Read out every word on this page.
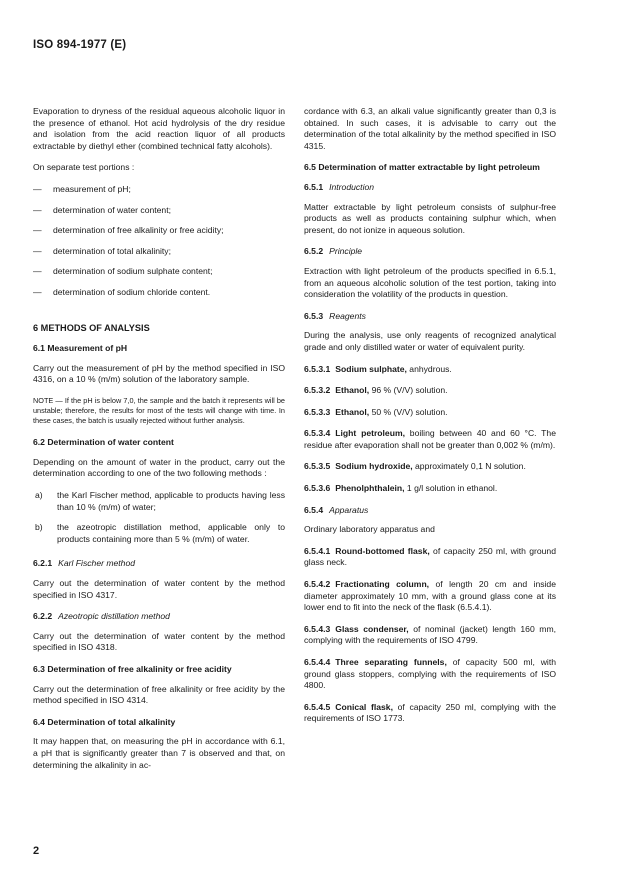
ISO 894-1977 (E)

Evaporation to dryness of the residual aqueous alcoholic liquor in the presence of ethanol. Hot acid hydrolysis of the dry residue and isolation from the acid reaction liquor of all products extractable by diethyl ether (combined technical fatty alcohols).

On separate test portions :

—	measurement of pH;
—	determination of water content;
—	determination of free alkalinity or free acidity;
—	determination of total alkalinity;
—	determination of sodium sulphate content;
—	determination of sodium chloride content.
6 METHODS OF ANALYSIS
6.1 Measurement of pH

Carry out the measurement of pH by the method specified in ISO 4316, on a 10 % (m/m) solution of the laboratory sample.

NOTE — If the pH is below 7,0, the sample and the batch it represents will be unstable; therefore, the results for most of the tests will change with time. In these cases, the batch is usually rejected without further analysis.

6.2 Determination of water content

Depending on the amount of water in the product, carry out the determination according to one of the two following methods :

a)	the Karl Fischer method, applicable to products having less than 10 % (m/m) of water;
b)	the azeotropic distillation method, applicable only to products containing more than 5 % (m/m) of water.
6.2.1 Karl Fischer method

Carry out the determination of water content by the method specified in ISO 4317.

6.2.2 Azeotropic distillation method

Carry out the determination of water content by the method specified in ISO 4318.

6.3 Determination of free alkalinity or free acidity

Carry out the determination of free alkalinity or free acidity by the method specified in ISO 4314.

6.4 Determination of total alkalinity

It may happen that, on measuring the pH in accordance with 6.1, a pH that is significantly greater than 7 is observed and that, on determining the alkalinity in ac-

cordance with 6.3, an alkali value significantly greater than 0,3 is obtained. In such cases, it is advisable to carry out the determination of the total alkalinity by the method specified in ISO 4315.

6.5 Determination of matter extractable by light petroleum
6.5.1 Introduction

Matter extractable by light petroleum consists of sulphur-free products as well as products containing sulphur which, when present, do not ionize in aqueous solution.

6.5.2 Principle

Extraction with light petroleum of the products specified in 6.5.1, from an aqueous alcoholic solution of the test portion, taking into consideration the volatility of the products in question.

6.5.3 Reagents

During the analysis, use only reagents of recognized analytical grade and only distilled water or water of equivalent purity.

6.5.3.1 Sodium sulphate, anhydrous.

6.5.3.2 Ethanol, 96 % (V/V) solution.

6.5.3.3 Ethanol, 50 % (V/V) solution.

6.5.3.4 Light petroleum, boiling between 40 and 60 °C. The residue after evaporation shall not be greater than 0,002 % (m/m).

6.5.3.5 Sodium hydroxide, approximately 0,1 N solution.

6.5.3.6 Phenolphthalein, 1 g/l solution in ethanol.

6.5.4 Apparatus

Ordinary laboratory apparatus and

6.5.4.1 Round-bottomed flask, of capacity 250 ml, with ground glass neck.

6.5.4.2 Fractionating column, of length 20 cm and inside diameter approximately 10 mm, with a ground glass cone at its lower end to fit into the neck of the flask (6.5.4.1).

6.5.4.3 Glass condenser, of nominal (jacket) length 160 mm, complying with the requirements of ISO 4799.

6.5.4.4 Three separating funnels, of capacity 500 ml, with ground glass stoppers, complying with the requirements of ISO 4800.

6.5.4.5 Conical flask, of capacity 250 ml, complying with the requirements of ISO 1773.

2
